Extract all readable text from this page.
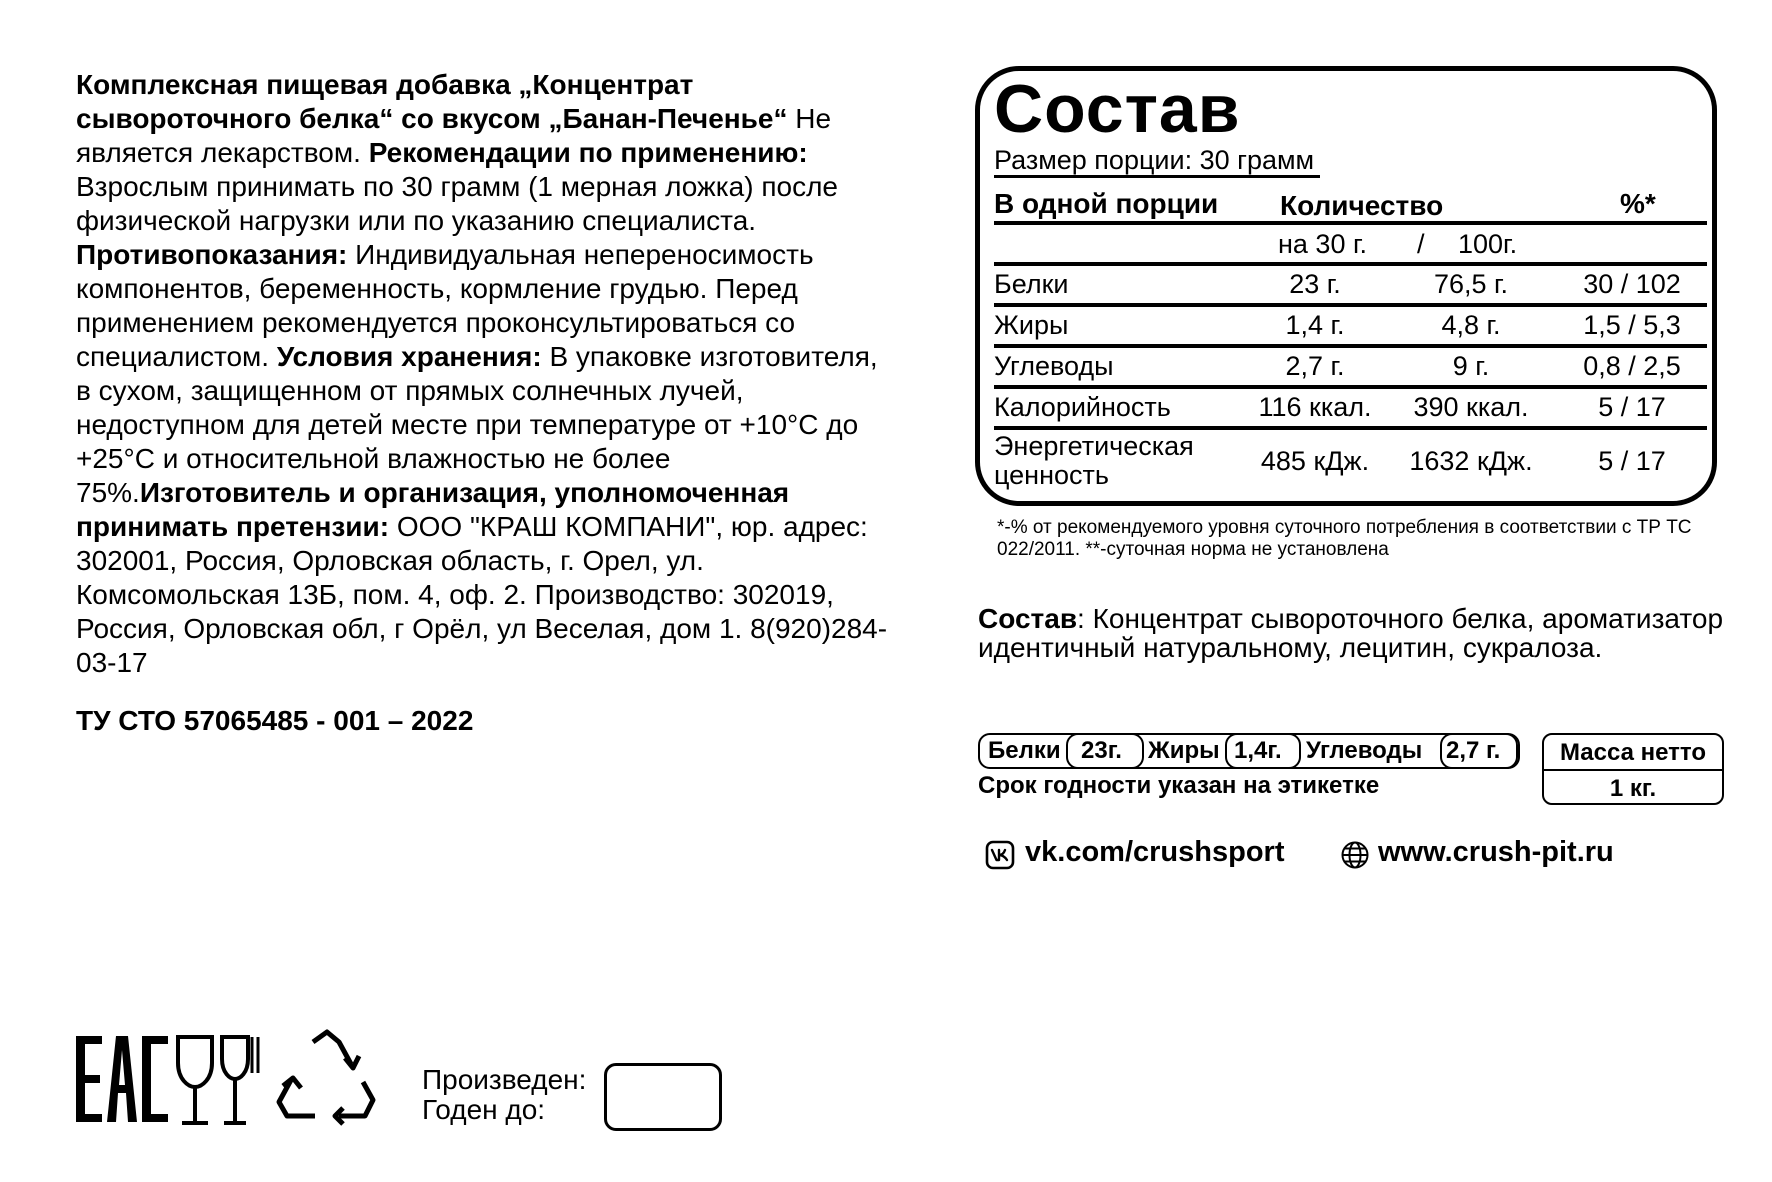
Комплексная пищевая добавка „Концентрат сывороточного белка“ со вкусом „Банан-Печенье“ Не является лекарством. Рекомендации по применению: Взрослым принимать по 30 грамм (1 мерная ложка) после физической нагрузки или по указанию специалиста. Противопоказания: Индивидуальная непереносимость компонентов, беременность, кормление грудью. Перед применением рекомендуется проконсультироваться со специалистом. Условия хранения: В упаковке изготовителя, в сухом, защищенном от прямых солнечных лучей, недоступном для детей месте при температуре от +10°C до +25°C и относительной влажностью не более 75%.Изготовитель и организация, уполномоченная принимать претензии: ООО "КРАШ КОМПАНИ", юр. адрес: 302001, Россия, Орловская область, г. Орел, ул. Комсомольская 13Б, пом. 4, оф. 2. Производство: 302019, Россия, Орловская обл, г Орёл, ул Веселая, дом 1. 8(920)284-03-17
ТУ СТО 57065485 - 001 – 2022
Состав
Размер порции: 30 грамм
В одной порции Количество	%*
на 30 г. / 100г.
Белки	23 г.	76,5 г.	30 / 102
Жиры	1,4 г.	4,8 г.	1,5 / 5,3
Углеводы	2,7 г.	9 г.	0,8 / 2,5
Калорийность	116 ккал.	390 ккал.	5 / 17
Энергетическая
ценность	485 кДж.	1632 кДж.	5 / 17
*-% от рекомендуемого уровня суточного потребления в соответствии с ТР ТС 022/2011. **-суточная норма не установлена
Состав: Концентрат сывороточного белка, ароматизатор идентичный натуральному, лецитин, сукралоза.
Белки 23г. Жиры 1,4г. Углеводы 2,7 г.
Срок годности указан на этикетке
Масса нетто
1 кг.
vk.com/crushsport	www.crush-pit.ru
Произведен:
Годен до:
